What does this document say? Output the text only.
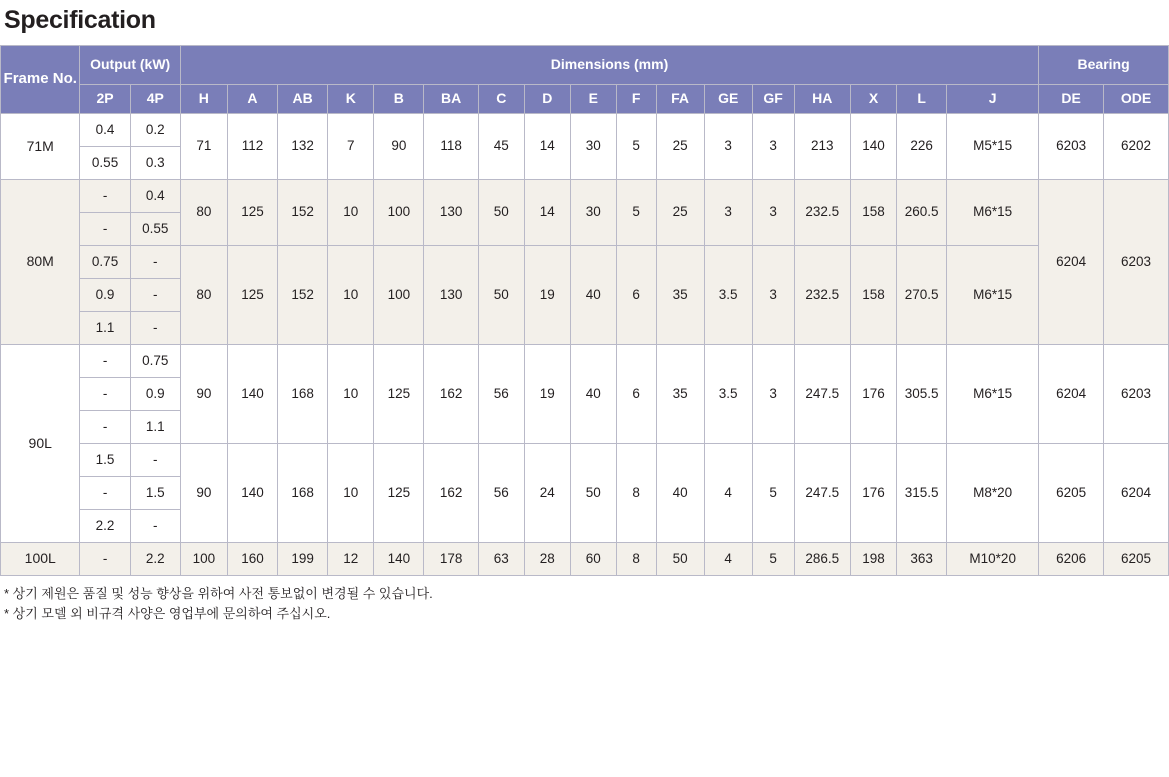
Specification
Frame No.	Output (kW)		Dimensions (mm)																	Bearing	
	2P	4P	H	A	AB	K	B	BA	C	D	E	F	FA	GE	GF	HA	X	L	J	DE	ODE
71M	0.4	0.2	71	112	132	7	90	118	45	14	30	5	25	3	3	213	140	226	M5*15	6203	6202
	0.55	0.3																			
80M	-	0.4	80	125	152	10	100	130	50	14	30	5	25	3	3	232.5	158	260.5	M6*15	6204	6203
	-	0.55																			
	0.75	-	80	125	152	10	100	130	50	19	40	6	35	3.5	3	232.5	158	270.5	M6*15		
	0.9	-																			
	1.1	-																			
90L	-	0.75	90	140	168	10	125	162	56	19	40	6	35	3.5	3	247.5	176	305.5	M6*15	6204	6203
	-	0.9																			
	-	1.1																			
	1.5	-	90	140	168	10	125	162	56	24	50	8	40	4	5	247.5	176	315.5	M8*20	6205	6204
	-	1.5																			
	2.2	-																			
100L	-	2.2	100	160	199	12	140	178	63	28	60	8	50	4	5	286.5	198	363	M10*20	6206	6205
* 상기 제원은 품질 및 성능 향상을 위하여 사전 통보없이 변경될 수 있습니다.
* 상기 모델 외 비규격 사양은 영업부에 문의하여 주십시오.
